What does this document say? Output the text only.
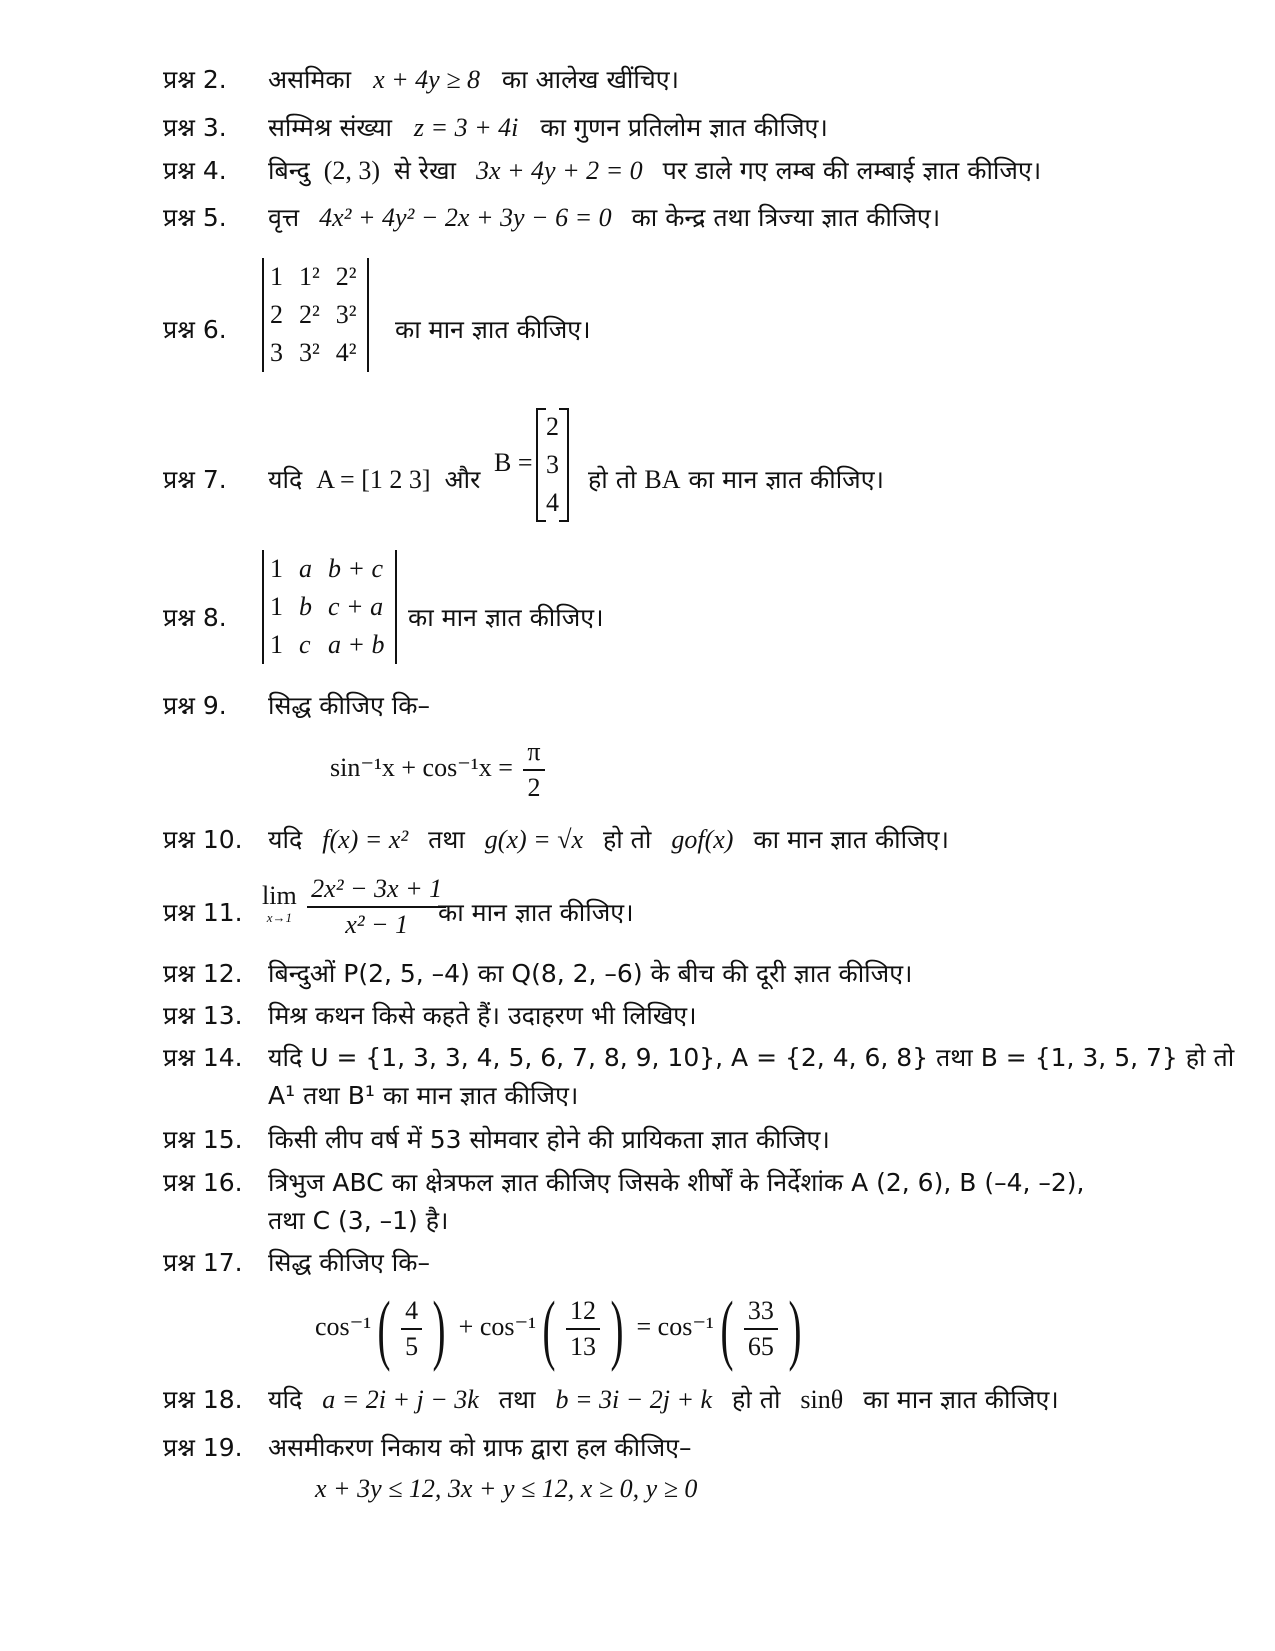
प्रश्न 2. असमिका x + 4y ≥ 8 का आलेख खींचिए।
प्रश्न 3. सम्मिश्र संख्या z = 3 + 4i का गुणन प्रतिलोम ज्ञात कीजिए।
प्रश्न 4. बिन्दु (2, 3) से रेखा 3x + 4y + 2 = 0 पर डाले गए लम्ब की लम्बाई ज्ञात कीजिए।
प्रश्न 5. वृत्त 4x² + 4y² − 2x + 3y − 6 = 0 का केन्द्र तथा त्रिज्या ज्ञात कीजिए।
प्रश्न 6.
1	1²	2²
2	2²	3²
3	3²	4²
का मान ज्ञात कीजिए।
प्रश्न 7. यदि A = [1 2 3] और
B =
2
3
4
हो तो BA का मान ज्ञात कीजिए।
प्रश्न 8.
1	a	b + c
1	b	c + a
1	c	a + b
का मान ज्ञात कीजिए।
प्रश्न 9. सिद्ध कीजिए कि–
$\sin^{-1}x + \cos^{-1}x = \frac{\pi}{2}$
प्रश्न 10. यदि f(x) = x² तथा g(x) = √x हो तो gof(x) का मान ज्ञात कीजिए।
प्रश्न 11.
lim
x→1
$\frac{\text{2x² − 3x + 1}}{\text{x² − 1}}$
का मान ज्ञात कीजिए।
प्रश्न 12. बिन्दुओं P(2, 5, –4) का Q(8, 2, –6) के बीच की दूरी ज्ञात कीजिए।
प्रश्न 13. मिश्र कथन किसे कहते हैं। उदाहरण भी लिखिए।
प्रश्न 14. यदि U = {1, 3, 3, 4, 5, 6, 7, 8, 9, 10}, A = {2, 4, 6, 8} तथा B = {1, 3, 5, 7} हो तो
A¹ तथा B¹ का मान ज्ञात कीजिए।
प्रश्न 15. किसी लीप वर्ष में 53 सोमवार होने की प्रायिकता ज्ञात कीजिए।
प्रश्न 16. त्रिभुज ABC का क्षेत्रफल ज्ञात कीजिए जिसके शीर्षों के निर्देशांक A (2, 6), B (–4, –2),
तथा C (3, –1) है।
प्रश्न 17. सिद्ध कीजिए कि–
$\cos^{-1}( \frac{4}{5}$ ) + $\cos^{-1}( \frac{12}{13}$ ) = $\cos^{-1}( \frac{33}{65}$ )
प्रश्न 18. यदि a = 2i + j − 3k तथा b = 3i − 2j + k हो तो sinθ का मान ज्ञात कीजिए।
प्रश्न 19. असमीकरण निकाय को ग्राफ द्वारा हल कीजिए–
x + 3y ≤ 12, 3x + y ≤ 12, x ≥ 0, y ≥ 0
